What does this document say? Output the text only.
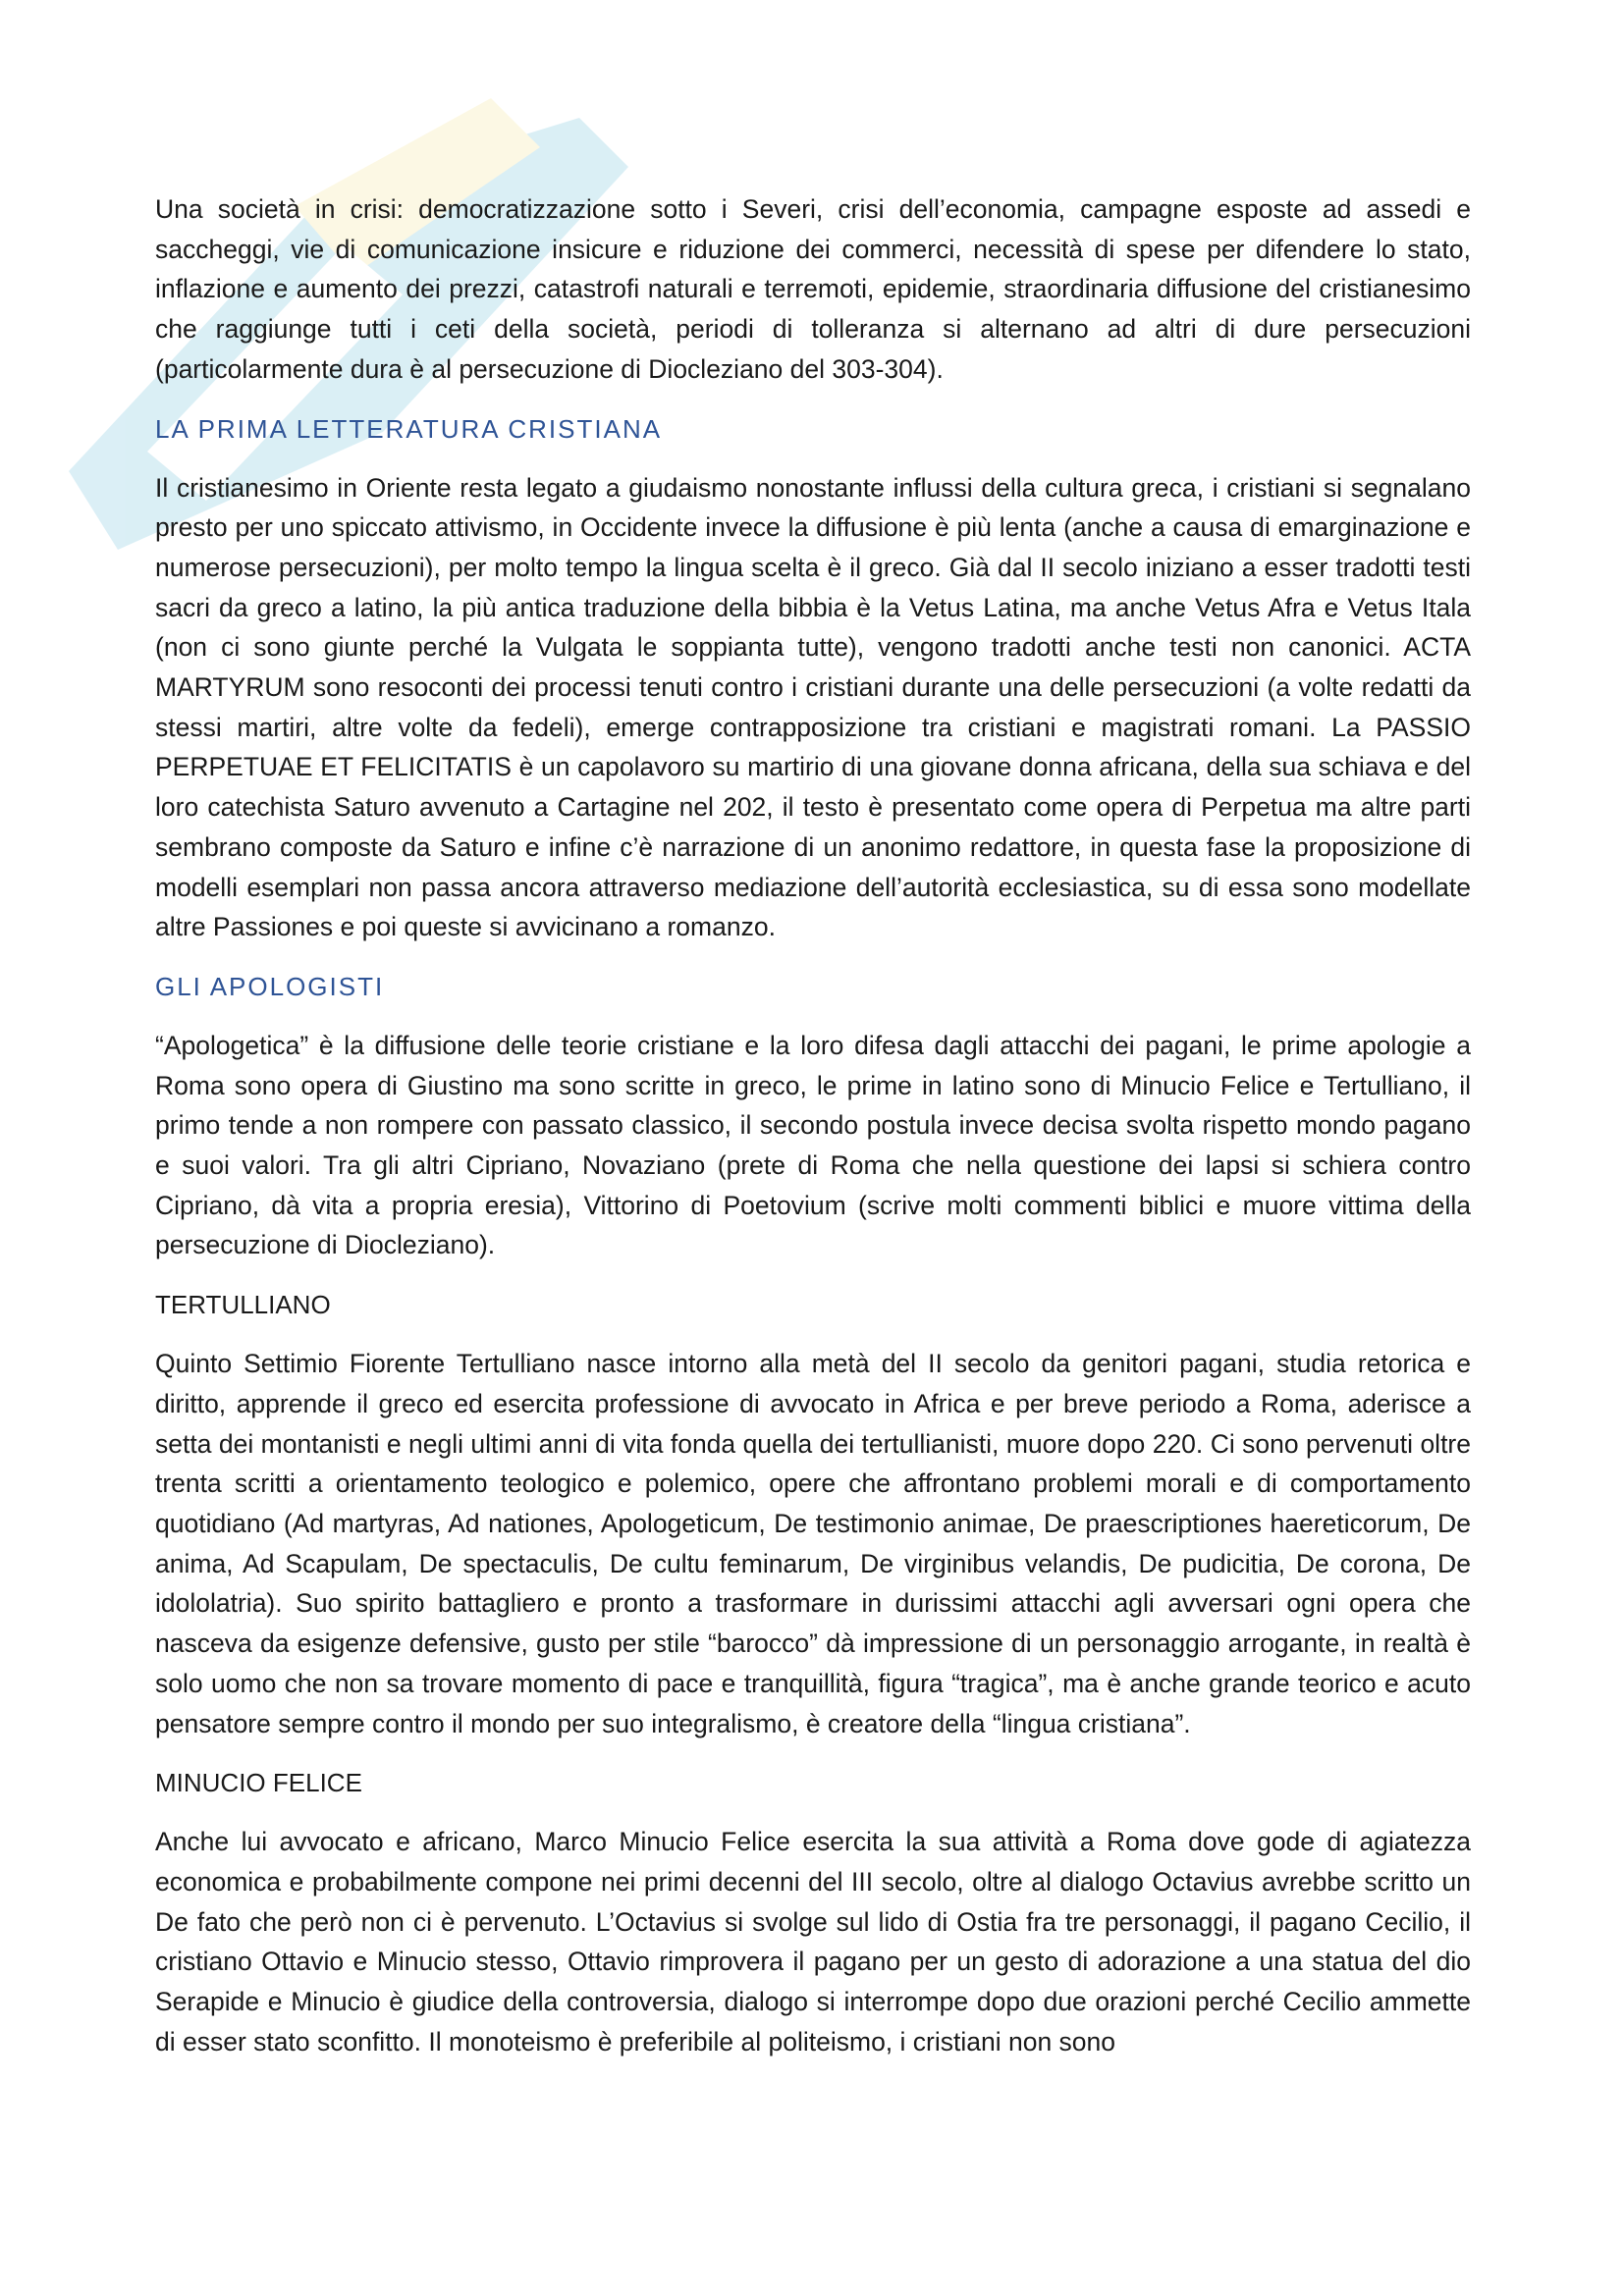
Una società in crisi: democratizzazione sotto i Severi, crisi dell’economia, campagne esposte ad assedi e saccheggi, vie di comunicazione insicure e riduzione dei commerci, necessità di spese per difendere lo stato, inflazione e aumento dei prezzi, catastrofi naturali e terremoti, epidemie, straordinaria diffusione del cristianesimo che raggiunge tutti i ceti della società, periodi di tolleranza si alternano ad altri di dure persecuzioni (particolarmente dura è al persecuzione di Diocleziano del 303-304).

LA PRIMA LETTERATURA CRISTIANA

Il cristianesimo in Oriente resta legato a giudaismo nonostante influssi della cultura greca, i cristiani si segnalano presto per uno spiccato attivismo, in Occidente invece la diffusione è più lenta (anche a causa di emarginazione e numerose persecuzioni), per molto tempo la lingua scelta è il greco. Già dal II secolo iniziano a esser tradotti testi sacri da greco a latino, la più antica traduzione della bibbia è la Vetus Latina, ma anche Vetus Afra e Vetus Itala (non ci sono giunte perché la Vulgata le soppianta tutte), vengono tradotti anche testi non canonici. ACTA MARTYRUM sono resoconti dei processi tenuti contro i cristiani durante una delle persecuzioni (a volte redatti da stessi martiri, altre volte da fedeli), emerge contrapposizione tra cristiani e magistrati romani. La PASSIO PERPETUAE ET FELICITATIS è un capolavoro su martirio di una giovane donna africana, della sua schiava e del loro catechista Saturo avvenuto a Cartagine nel 202, il testo è presentato come opera di Perpetua ma altre parti sembrano composte da Saturo e infine c’è narrazione di un anonimo redattore, in questa fase la proposizione di modelli esemplari non passa ancora attraverso mediazione dell’autorità ecclesiastica, su di essa sono modellate altre Passiones e poi queste si avvicinano a romanzo.

GLI APOLOGISTI

“Apologetica” è la diffusione delle teorie cristiane e la loro difesa dagli attacchi dei pagani, le prime apologie a Roma sono opera di Giustino ma sono scritte in greco, le prime in latino sono di Minucio Felice e Tertulliano, il primo tende a non rompere con passato classico, il secondo postula invece decisa svolta rispetto mondo pagano e suoi valori. Tra gli altri Cipriano, Novaziano (prete di Roma che nella questione dei lapsi si schiera contro Cipriano, dà vita a propria eresia), Vittorino di Poetovium (scrive molti commenti biblici e muore vittima della persecuzione di Diocleziano).

TERTULLIANO

Quinto Settimio Fiorente Tertulliano nasce intorno alla metà del II secolo da genitori pagani, studia retorica e diritto, apprende il greco ed esercita professione di avvocato in Africa e per breve periodo a Roma, aderisce a setta dei montanisti e negli ultimi anni di vita fonda quella dei tertullianisti, muore dopo 220. Ci sono pervenuti oltre trenta scritti a orientamento teologico e polemico, opere che affrontano problemi morali e di comportamento quotidiano (Ad martyras, Ad nationes, Apologeticum, De testimonio animae, De praescriptiones haereticorum, De anima, Ad Scapulam, De spectaculis, De cultu feminarum, De virginibus velandis, De pudicitia, De corona, De idololatria). Suo spirito battagliero e pronto a trasformare in durissimi attacchi agli avversari ogni opera che nasceva da esigenze defensive, gusto per stile “barocco” dà impressione di un personaggio arrogante, in realtà è solo uomo che non sa trovare momento di pace e tranquillità, figura “tragica”, ma è anche grande teorico e acuto pensatore sempre contro il mondo per suo integralismo, è creatore della “lingua cristiana”.

MINUCIO FELICE

Anche lui avvocato e africano, Marco Minucio Felice esercita la sua attività a Roma dove gode di agiatezza economica e probabilmente compone nei primi decenni del III secolo, oltre al dialogo Octavius avrebbe scritto un De fato che però non ci è pervenuto. L’Octavius si svolge sul lido di Ostia fra tre personaggi, il pagano Cecilio, il cristiano Ottavio e Minucio stesso, Ottavio rimprovera il pagano per un gesto di adorazione a una statua del dio Serapide e Minucio è giudice della controversia, dialogo si interrompe dopo due orazioni perché Cecilio ammette di esser stato sconfitto. Il monoteismo è preferibile al politeismo, i cristiani non sono
